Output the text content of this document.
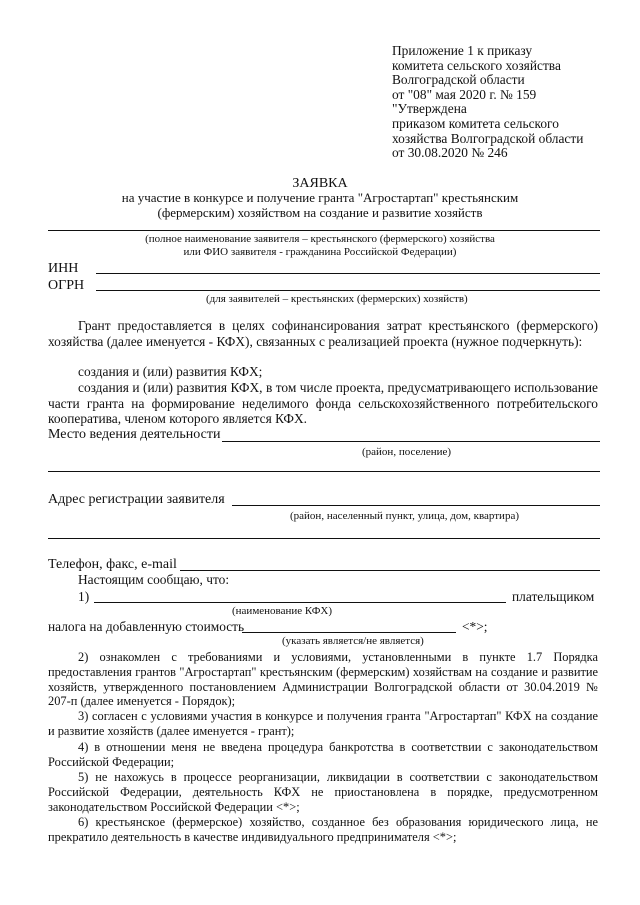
Приложение 1 к приказу
комитета сельского хозяйства
Волгоградской области
от "08" мая 2020 г. № 159
"Утверждена
приказом комитета сельского
хозяйства Волгоградской области
от 30.08.2020 № 246
ЗАЯВКА
на участие в конкурсе и получение гранта "Агростартап" крестьянским
(фермерским) хозяйством на создание и развитие хозяйств
(полное наименование заявителя – крестьянского (фермерского) хозяйства
или ФИО заявителя - гражданина Российской Федерации)
ИНН
ОГРН
(для заявителей – крестьянских (фермерских) хозяйств)
Грант предоставляется в целях софинансирования затрат крестьянского (фермерского) хозяйства (далее именуется - КФХ), связанных с реализацией проекта (нужное подчеркнуть):
создания и (или) развития КФХ;
создания и (или) развития КФХ, в том числе проекта, предусматривающего использование части гранта на формирование неделимого фонда сельскохозяйственного потребительского кооператива, членом которого является КФХ.
Место ведения деятельности
(район, поселение)
Адрес регистрации заявителя
(район, населенный пункт, улица, дом, квартира)
Телефон, факс, e-mail
Настоящим сообщаю, что:
1)	плательщиком
(наименование КФХ)
налога на добавленную стоимость	<*>;
(указать является/не является)
2) ознакомлен с требованиями и условиями, установленными в пункте 1.7 Порядка предоставления грантов "Агростартап" крестьянским (фермерским) хозяйствам на создание и развитие хозяйств, утвержденного постановлением Администрации Волгоградской области от 30.04.2019 № 207-п (далее именуется - Порядок);
3) согласен с условиями участия в конкурсе и получения гранта "Агростартап" КФХ на создание и развитие хозяйств (далее именуется - грант);
4) в отношении меня не введена процедура банкротства в соответствии с законодательством Российской Федерации;
5) не нахожусь в процессе реорганизации, ликвидации в соответствии с законодательством Российской Федерации, деятельность КФХ не приостановлена в порядке, предусмотренном законодательством Российской Федерации <*>;
6) крестьянское (фермерское) хозяйство, созданное без образования юридического лица, не прекратило деятельность в качестве индивидуального предпринимателя <*>;
